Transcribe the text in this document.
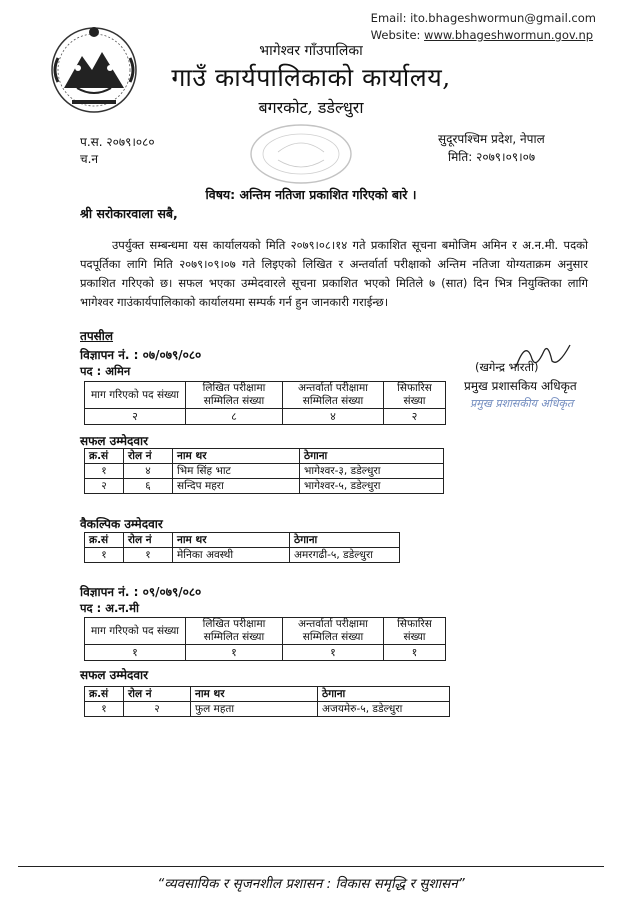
Email: ito.bhageshwormun@gmail.com
Website: www.bhageshwormun.gov.np
भागेश्वर गाँउपालिका
गाउँ कार्यपालिकाको कार्यालय,
बगरकोट, डडेल्धुरा
प.स. २०७९।०८०
च.न
सुदूरपश्चिम प्रदेश, नेपाल
मिति: २०७९।०९।०७
विषय: अन्तिम नतिजा प्रकाशित गरिएको बारे ।
श्री सरोकारवाला सबै,
उपर्युक्त सम्बन्धमा यस कार्यालयको मिति २०७९।०८।१४ गते प्रकाशित सूचना बमोजिम अमिन र अ.न.मी. पदको पदपूर्तिका लागि मिति २०७९।०९।०७ गते लिइएको लिखित र अन्तर्वार्ता परीक्षाको अन्तिम नतिजा योग्यताक्रम अनुसार प्रकाशित गरिएको छ। सफल भएका उम्मेदवारले सूचना प्रकाशित भएको मितिले ७ (सात) दिन भित्र नियुक्तिका लागि भागेश्वर गाउंकार्यपालिकाको कार्यालयमा सम्पर्क गर्न हुन जानकारी गराईन्छ।
तपसील
विज्ञापन नं. : ०७/०७९/०८०
पद : अमिन	(खगेन्द्र भारती)
प्रमुख प्रशासकिय अधिकृत
प्रमुख प्रशासकीय अधिकृत
माग गरिएको पद संख्या	लिखित परीक्षामा सम्मिलित संख्या	अन्तर्वार्ता परीक्षामा सम्मिलित संख्या	सिफारिस संख्या
२	८	४	२
सफल उम्मेदवार
क्र.सं	रोल नं	नाम थर	ठेगाना
१	४	भिम सिंह भाट	भागेश्वर-३, डडेल्धुरा
२	६	सन्दिप महरा	भागेश्वर-५, डडेल्धुरा
वैकल्पिक उम्मेदवार
क्र.सं	रोल नं	नाम थर	ठेगाना
१	१	मेनिका अवस्थी	अमरगढी-५, डडेल्धुरा
विज्ञापन नं. : ०९/०७९/०८०
पद : अ.न.मी
माग गरिएको पद संख्या	लिखित परीक्षामा सम्मिलित संख्या	अन्तर्वार्ता परीक्षामा सम्मिलित संख्या	सिफारिस संख्या
१	१	१	१
सफल उम्मेदवार
क्र.सं	रोल नं	नाम थर	ठेगाना
१	२	फुल महता	अजयमेरु-५, डडेल्धुरा
“व्यवसायिक र सृजनशील प्रशासन : विकास समृद्धि र सुशासन”
